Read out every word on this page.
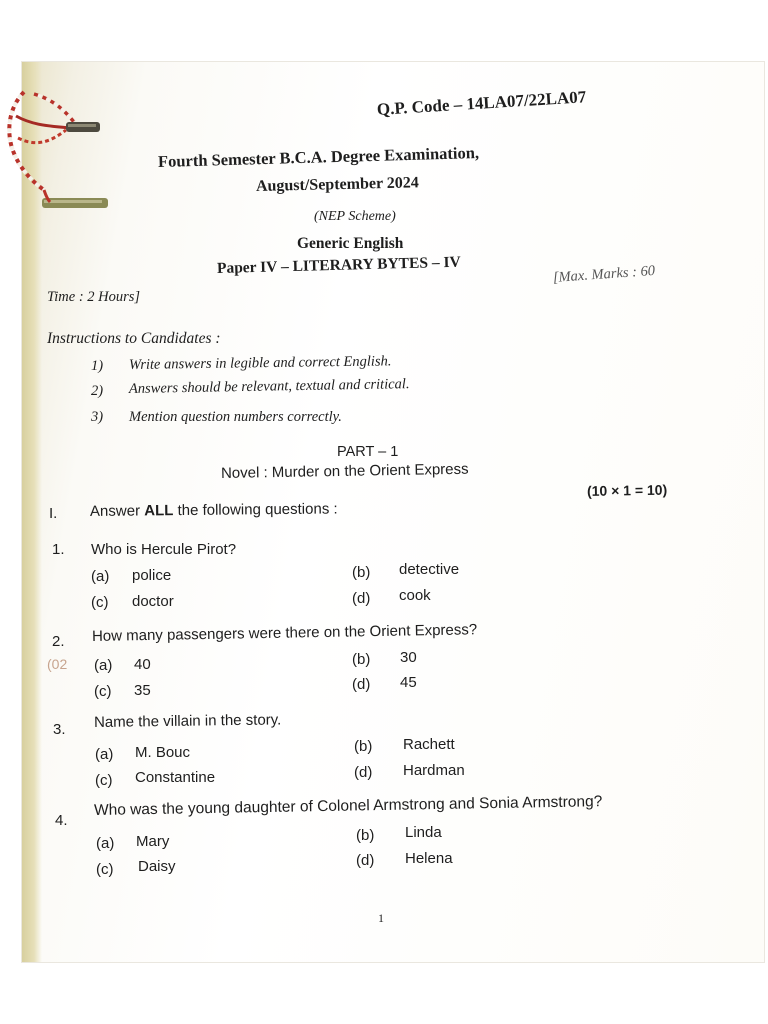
Q.P. Code – 14LA07/22LA07
Fourth Semester B.C.A. Degree Examination,
August/September 2024
(NEP Scheme)
Generic English
Paper IV – LITERARY BYTES – IV
Time : 2 Hours]
[Max. Marks : 60
Instructions to Candidates :
1) Write answers in legible and correct English.
2) Answers should be relevant, textual and critical.
3) Mention question numbers correctly.
PART – 1
Novel : Murder on the Orient Express
I. Answer ALL the following questions :
(10 × 1 = 10)
1. Who is Hercule Pirot?
(a) police	(b) detective
(c) doctor	(d) cook
(02
2. How many passengers were there on the Orient Express?
(a) 40	(b) 30
(c) 35	(d) 45
3. Name the villain in the story.
(a) M. Bouc	(b) Rachett
(c) Constantine	(d) Hardman
4.
Who was the young daughter of Colonel Armstrong and Sonia Armstrong?
(a) Mary	(b) Linda
(c) Daisy	(d) Helena
1
